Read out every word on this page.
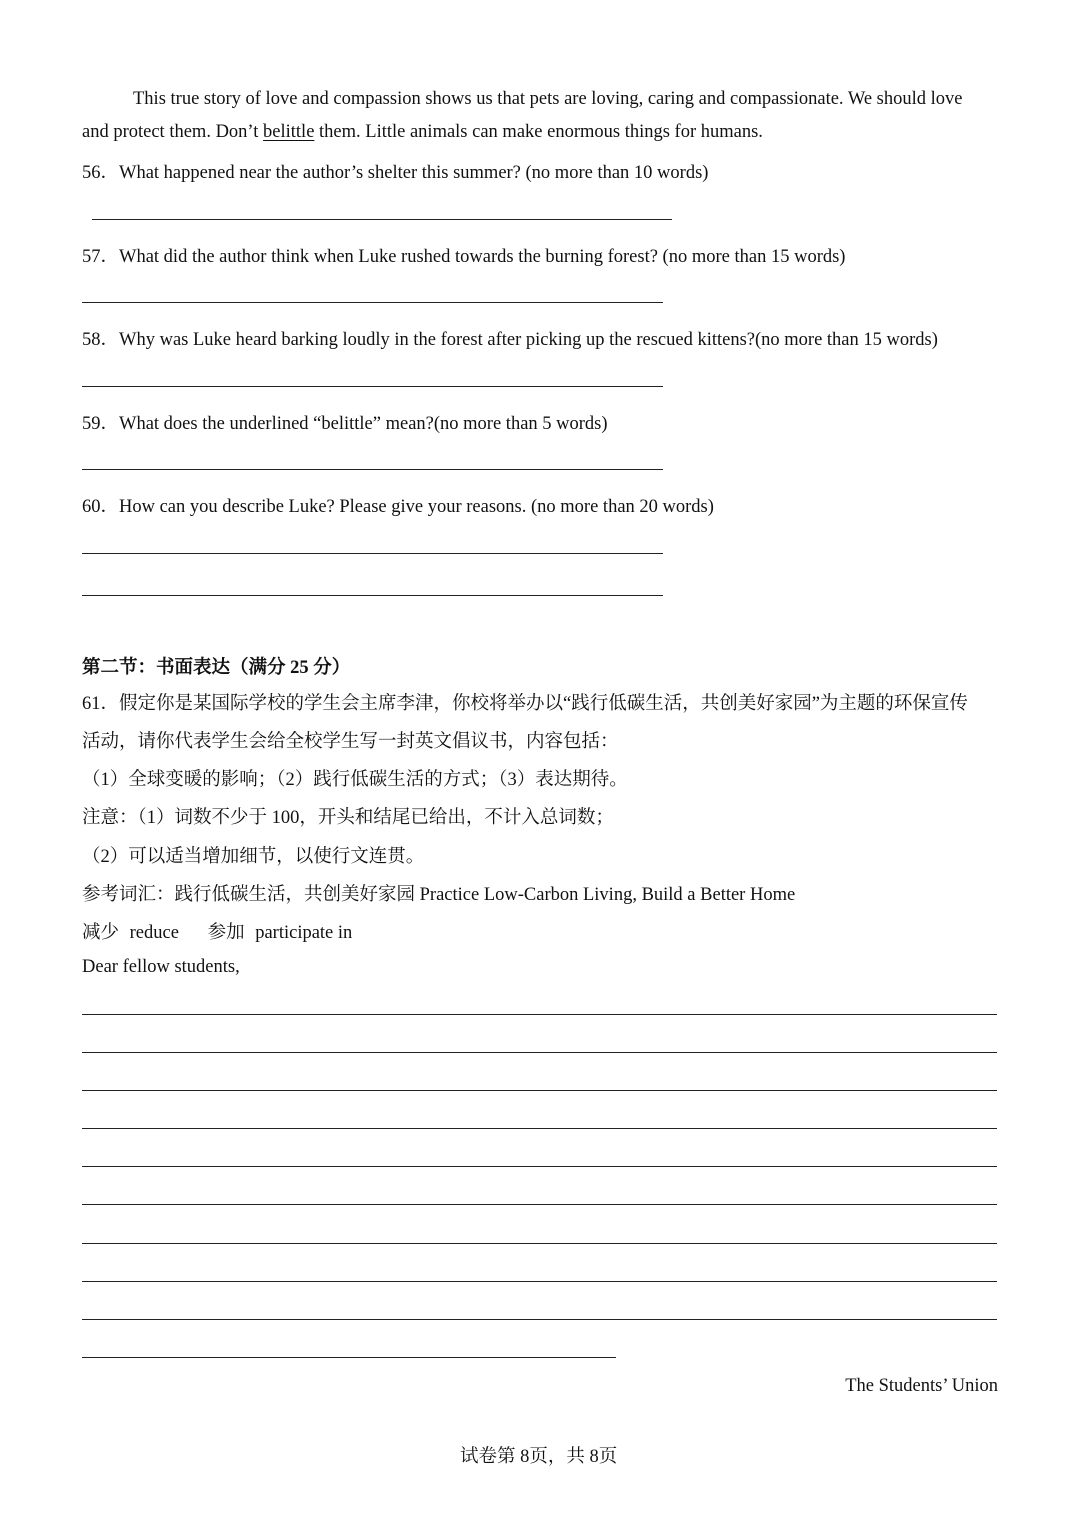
This true story of love and compassion shows us that pets are loving, caring and compassionate. We should love
and protect them. Don’t belittle them. Little animals can make enormous things for humans.
56．What happened near the author’s shelter this summer? (no more than 10 words)
57．What did the author think when Luke rushed towards the burning forest? (no more than 15 words)
58．Why was Luke heard barking loudly in the forest after picking up the rescued kittens?(no more than 15 words)
59．What does the underlined “belittle” mean?(no more than 5 words)
60．How can you describe Luke? Please give your reasons. (no more than 20 words)
第二节：书面表达（满分 25 分）
61．假定你是某国际学校的学生会主席李津，你校将举办以“践行低碳生活，共创美好家园”为主题的环保宣传
活动，请你代表学生会给全校学生写一封英文倡议书，内容包括：
（1）全球变暖的影响；（2）践行低碳生活的方式；（3）表达期待。
注意：（1）词数不少于 100，开头和结尾已给出，不计入总词数；
（2）可以适当增加细节，以使行文连贯。
参考词汇：践行低碳生活，共创美好家园 Practice Low-Carbon Living, Build a Better Home
减少 reduce 参加 participate in
Dear fellow students,
The Students’ Union
试卷第 8页，共 8页
